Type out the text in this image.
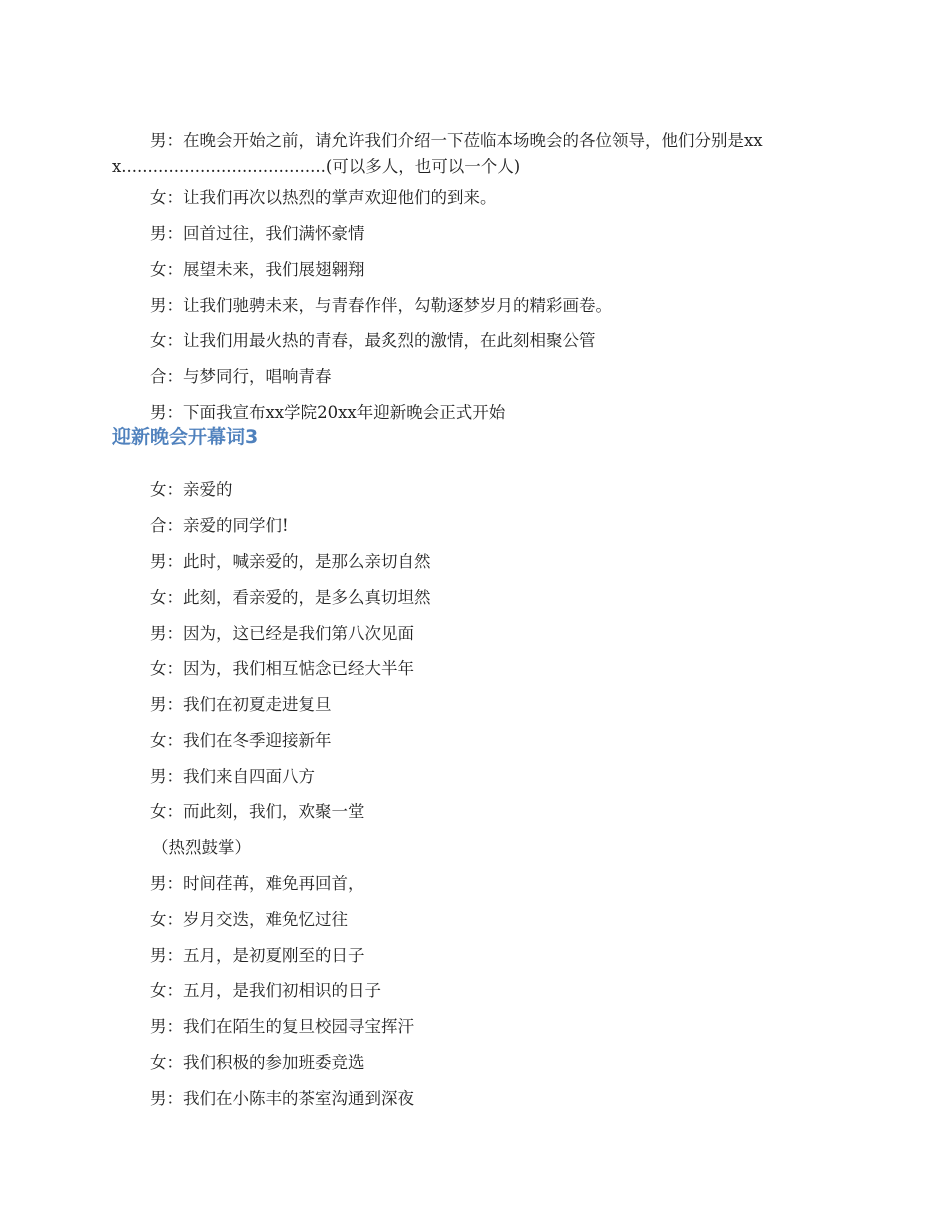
男：在晚会开始之前，请允许我们介绍一下莅临本场晚会的各位领导，他们分别是xxx.......................................(可以多人，也可以一个人)

女：让我们再次以热烈的掌声欢迎他们的到来。

男：回首过往，我们满怀豪情

女：展望未来，我们展翅翱翔

男：让我们驰骋未来，与青春作伴，勾勒逐梦岁月的精彩画卷。

女：让我们用最火热的青春，最炙烈的激情，在此刻相聚公管

合：与梦同行，唱响青春

男：下面我宣布xx学院20xx年迎新晚会正式开始

迎新晚会开幕词3

女：亲爱的

合：亲爱的同学们!

男：此时，喊亲爱的，是那么亲切自然

女：此刻，看亲爱的，是多么真切坦然

男：因为，这已经是我们第八次见面

女：因为，我们相互惦念已经大半年

男：我们在初夏走进复旦

女：我们在冬季迎接新年

男：我们来自四面八方

女：而此刻，我们，欢聚一堂

（热烈鼓掌）

男：时间荏苒，难免再回首，

女：岁月交迭，难免忆过往

男：五月，是初夏刚至的日子

女：五月，是我们初相识的日子

男：我们在陌生的复旦校园寻宝挥汗

女：我们积极的参加班委竞选

男：我们在小陈丰的茶室沟通到深夜
